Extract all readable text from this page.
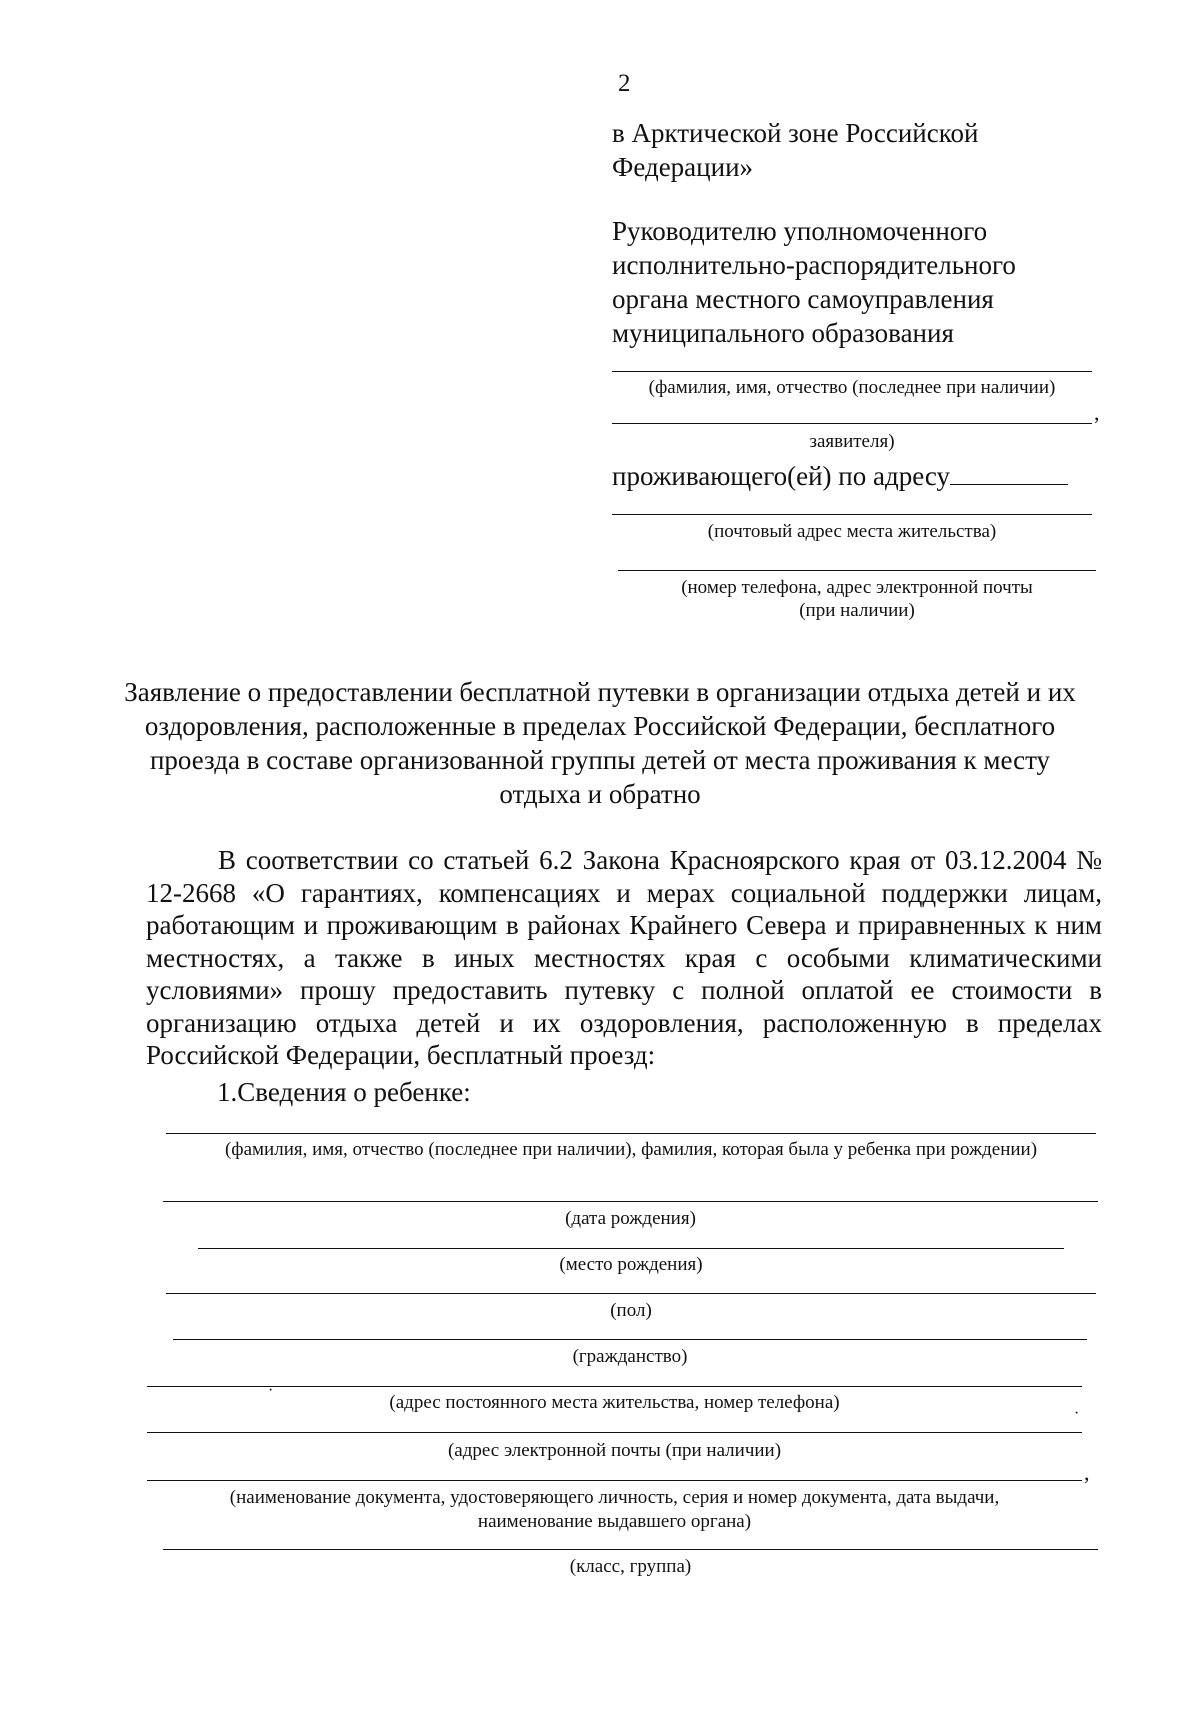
2
в Арктической зоне Российской
Федерации»
Руководителю уполномоченного
исполнительно-распорядительного
органа местного самоуправления
муниципального образования
(фамилия, имя, отчество (последнее при наличии)
,
заявителя)
проживающего(ей) по адресу
(почтовый адрес места жительства)
(номер телефона, адрес электронной почты
(при наличии)
Заявление о предоставлении бесплатной путевки в организации отдыха детей и их оздоровления, расположенные в пределах Российской Федерации, бесплатного проезда в составе организованной группы детей от места проживания к месту отдыха и обратно

В соответствии со статьей 6.2 Закона Красноярского края от 03.12.2004 № 12-2668 «О гарантиях, компенсациях и мерах социальной поддержки лицам, работающим и проживающим в районах Крайнего Севера и приравненных к ним местностях, а также в иных местностях края с особыми климатическими условиями» прошу предоставить путевку с полной оплатой ее стоимости в организацию отдыха детей и их оздоровления, расположенную в пределах Российской Федерации, бесплатный проезд:

1.Сведения о ребенке:
(фамилия, имя, отчество (последнее при наличии), фамилия, которая была у ребенка при рождении)
(дата рождения)
(место рождения)
(пол)
(гражданство)
·
(адрес постоянного места жительства, номер телефона)
·
(адрес электронной почты (при наличии)
,
(наименование документа, удостоверяющего личность, серия и номер документа, дата выдачи,
наименование выдавшего органа)
(класс, группа)
